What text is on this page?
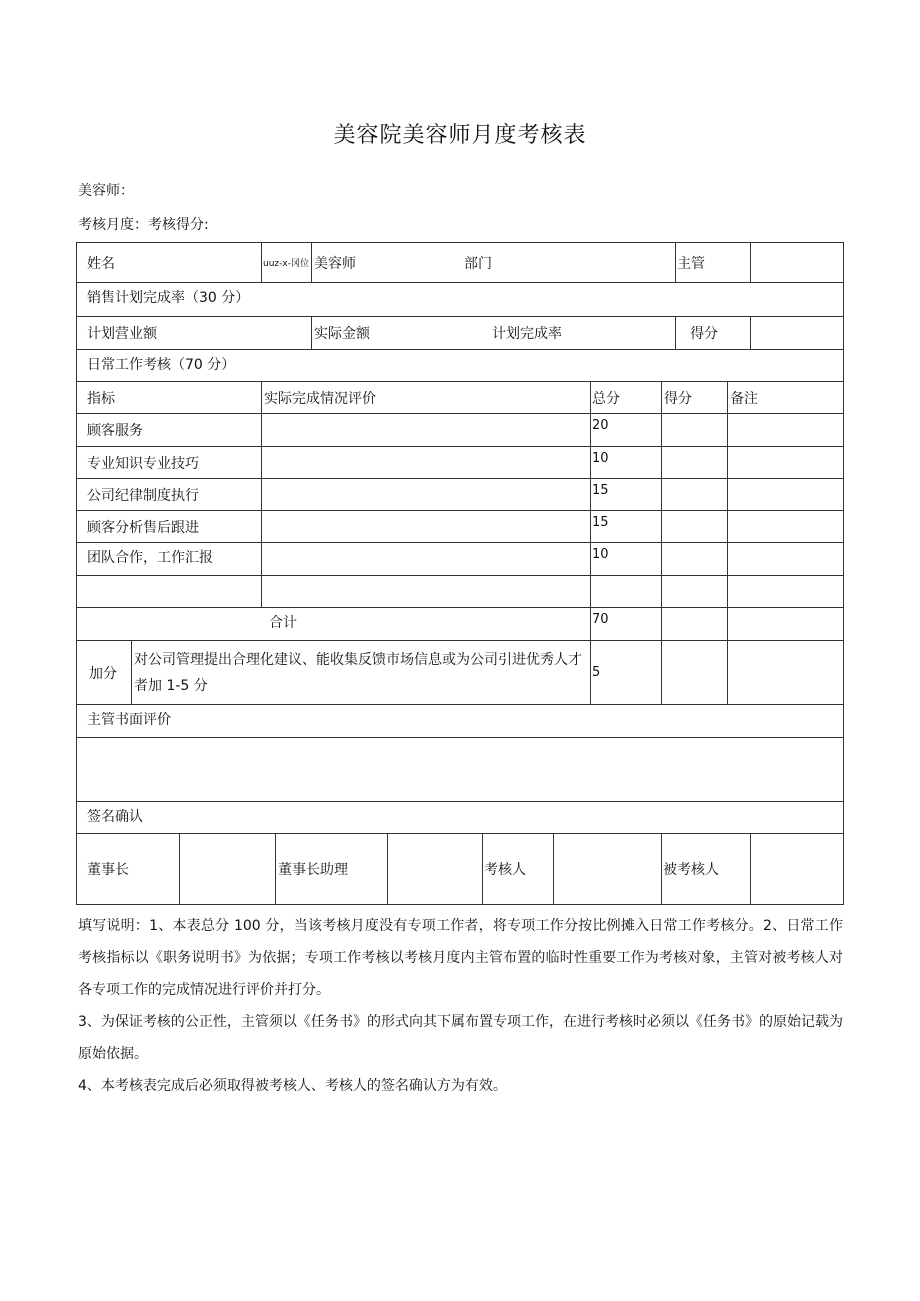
美容院美容师月度考核表
美容师：
考核月度：考核得分:
姓名			uuz-x-冈位		美容师 部门						主管		
销售计划完成率（30 分）													
计划营业额					实际金额 计划完成率						得分		
日常工作考核（70 分）													
指标			实际完成情况评价						总分	得分		备注	
顾客服务									20				
专业知识专业技巧									10				
公司纪律制度执行									15				
顾客分析售后跟进									15				
团队合作，工作汇报									10				

合计									70				
加分	对公司管理提出合理化建议、能收集反馈市场信息或为公司引进优秀人才者加 1-5 分								5				
主管书面评价													

签名确认													
董事长				董事长助理			考核人			被考核人			

填写说明：1、本表总分 100 分，当该考核月度没有专项工作者，将专项工作分按比例摊入日常工作考核分。2、日常工作考核指标以《职务说明书》为依据；专项工作考核以考核月度内主管布置的临时性重要工作为考核对象，主管对被考核人对各专项工作的完成情况进行评价并打分。

3、为保证考核的公正性，主管须以《任务书》的形式向其下属布置专项工作，在进行考核时必须以《任务书》的原始记载为原始依据。

4、本考核表完成后必须取得被考核人、考核人的签名确认方为有效。
